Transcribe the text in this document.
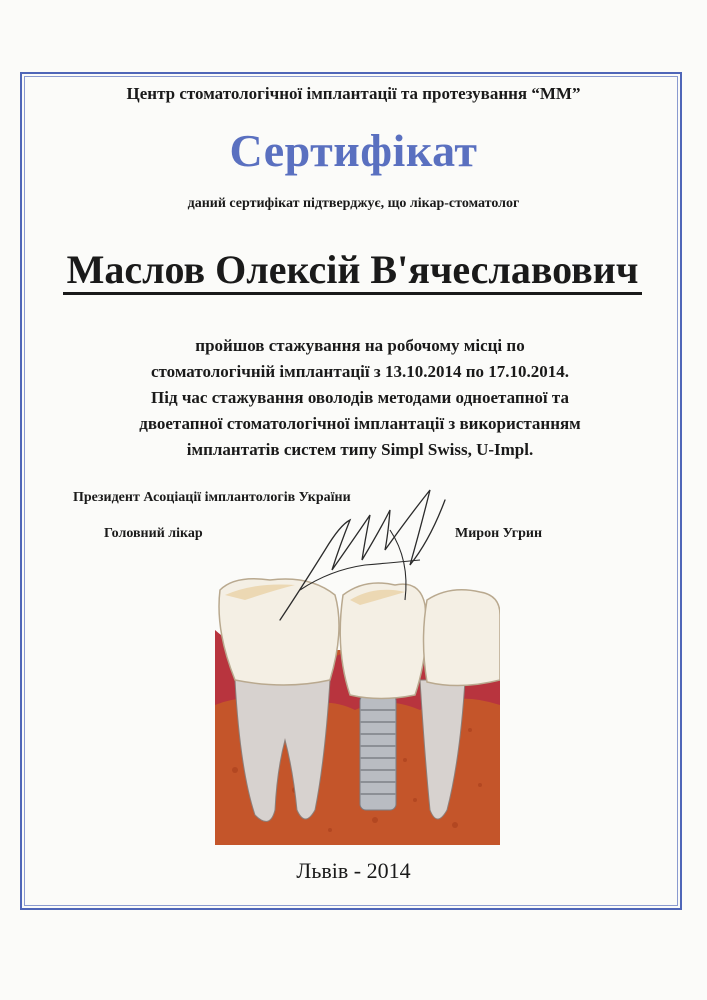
Центр стоматологічної імплантації та протезування “ММ”
Сертифікат
даний сертифікат підтверджує, що лікар-стоматолог
Маслов Олексій В'ячеславович
пройшов стажування на робочому місці по
стоматологічній імплантації з 13.10.2014 по 17.10.2014.
Під час стажування оволодів методами одноетапної та
двоетапної стоматологічної імплантації з використанням
імплантатів систем типу Simpl Swiss, U-Impl.
Президент Асоціації імплантологів України
Головний лікар	Мирон Угрин
Львів - 2014
